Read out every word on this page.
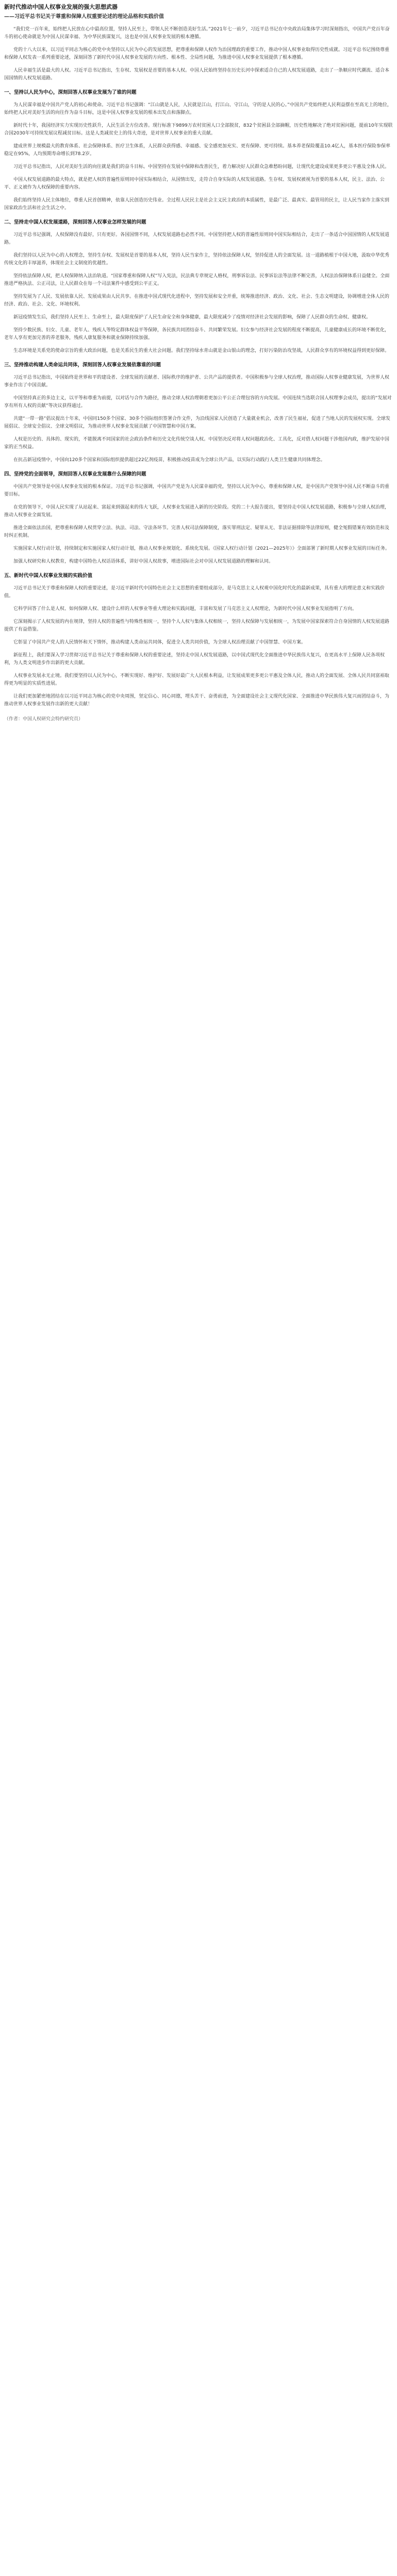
新时代推动中国人权事业发展的强大思想武器
——习近平总书记关于尊重和保障人权重要论述的理论品格和实践价值
“我们党一百年来，始终把人民放在心中最高位置，坚持人民至上，带领人民不断创造美好生活。”2021年七一前夕，习近平总书记在中央政治局集体学习时深刻指出，中国共产党百年奋斗的初心使命就是为中国人民谋幸福、为中华民族谋复兴，这也是中国人权事业发展的根本遵循。
党的十八大以来，以习近平同志为核心的党中央坚持以人民为中心的发展思想，把尊重和保障人权作为治国理政的重要工作，推动中国人权事业取得历史性成就。习近平总书记围绕尊重和保障人权发表一系列重要论述，深刻回答了新时代中国人权事业发展的方向性、根本性、全局性问题，为推进中国人权事业发展提供了根本遵循。
人民幸福生活是最大的人权。习近平总书记指出，生存权、发展权是首要的基本人权。中国人民始终坚持在历史长河中探索适合自己的人权发展道路，走出了一条顺应时代潮流、适合本国国情的人权发展道路。
一、坚持以人民为中心，深刻回答人权事业发展为了谁的问题
为人民谋幸福是中国共产党人的初心和使命。习近平总书记强调：“江山就是人民，人民就是江山，打江山、守江山，守的是人民的心。”中国共产党始终把人民利益摆在至高无上的地位，始终把人民对美好生活的向往作为奋斗目标，这是中国人权事业发展的根本出发点和落脚点。
新时代十年，我国经济实力实现历史性跃升，人民生活全方位改善。现行标准下9899万农村贫困人口全部脱贫，832个贫困县全部摘帽，历史性地解决了绝对贫困问题，提前10年实现联合国2030年可持续发展议程减贫目标。这是人类减贫史上的伟大奇迹，是对世界人权事业的重大贡献。
建成世界上规模最大的教育体系、社会保障体系、医疗卫生体系，人民群众获得感、幸福感、安全感更加充实、更有保障、更可持续。基本养老保险覆盖10.4亿人，基本医疗保险参保率稳定在95%，人均预期寿命增长到78.2岁。
习近平总书记指出，人民对美好生活的向往就是我们的奋斗目标。中国坚持在发展中保障和改善民生，着力解决好人民群众急难愁盼问题，让现代化建设成果更多更公平惠及全体人民。
中国人权发展道路的最大特点，就是把人权的普遍性原则同中国实际相结合，从国情出发，走符合自身实际的人权发展道路。生存权、发展权被视为首要的基本人权，民主、法治、公平、正义被作为人权保障的重要内容。
我们始终坚持人民主体地位，尊重人民首创精神，依靠人民创造历史伟业。全过程人民民主是社会主义民主政治的本质属性，是最广泛、最真实、最管用的民主，让人民当家作主落实到国家政治生活和社会生活之中。
二、坚持走中国人权发展道路，深刻回答人权事业怎样发展的问题
习近平总书记强调，人权保障没有最好，只有更好。各国国情不同，人权发展道路也必然不同。中国坚持把人权的普遍性原则同中国实际相结合，走出了一条适合中国国情的人权发展道路。
我们坚持以人民为中心的人权理念，坚持生存权、发展权是首要的基本人权，坚持人民当家作主，坚持依法保障人权，坚持促进人的全面发展。这一道路植根于中国大地，汲取中华优秀传统文化的丰厚滋养，体现社会主义制度的优越性。
坚持依法保障人权，把人权保障纳入法治轨道。“国家尊重和保障人权”写入宪法，民法典专章规定人格权，刑事诉讼法、民事诉讼法等法律不断完善，人权法治保障体系日益健全。全面推进严格执法、公正司法，让人民群众在每一个司法案件中感受到公平正义。
坚持发展为了人民、发展依靠人民、发展成果由人民共享。在推进中国式现代化进程中，坚持发展和安全并重，统筹推进经济、政治、文化、社会、生态文明建设，协调增进全体人民的经济、政治、社会、文化、环境权利。
新冠疫情发生后，我们坚持人民至上、生命至上，最大限度保护了人民生命安全和身体健康，最大限度减少了疫情对经济社会发展的影响，保障了人民群众的生命权、健康权。
坚持少数民族、妇女、儿童、老年人、残疾人等特定群体权益平等保障，各民族共同团结奋斗、共同繁荣发展。妇女参与经济社会发展的程度不断提高，儿童健康成长的环境不断优化，老年人享有更加完善的养老服务，残疾人康复服务和就业保障持续加强。
生态环境是关系党的使命宗旨的重大政治问题，也是关系民生的重大社会问题。我们坚持绿水青山就是金山银山的理念，打好污染防治攻坚战，人民群众享有的环境权益得到更好保障。
三、坚持推动构建人类命运共同体，深刻回答人权事业发展依靠谁的问题
习近平总书记指出，中国始终是世界和平的建设者、全球发展的贡献者、国际秩序的维护者、公共产品的提供者。中国积极参与全球人权治理，推动国际人权事业健康发展，为世界人权事业作出了中国贡献。
中国坚持真正的多边主义，以平等和尊重为前提，以对话与合作为路径，推动全球人权治理朝着更加公平公正合理包容的方向发展。中国连续当选联合国人权理事会成员，提出的“发展对享有所有人权的贡献”等决议获得通过。
共建“一带一路”倡议提出十年来，中国同150多个国家、30多个国际组织签署合作文件，为沿线国家人民创造了大量就业机会，改善了民生福祉，促进了当地人民的发展权实现。全球发展倡议、全球安全倡议、全球文明倡议，为推动世界人权事业发展贡献了中国智慧和中国方案。
人权是历史的、具体的、现实的，不能脱离不同国家的社会政治条件和历史文化传统空谈人权。中国坚决反对将人权问题政治化、工具化，反对借人权问题干涉他国内政，维护发展中国家的正当权益。
在抗击新冠疫情中，中国向120多个国家和国际组织提供超过22亿剂疫苗，积极推动疫苗成为全球公共产品，以实际行动践行人类卫生健康共同体理念。
四、坚持党的全面领导，深刻回答人权事业发展靠什么保障的问题
中国共产党领导是中国人权事业发展的根本保证。习近平总书记强调，中国共产党是为人民谋幸福的党，坚持以人民为中心，尊重和保障人权，是中国共产党领导中国人民不断奋斗的重要目标。
在党的领导下，中国人民实现了从站起来、富起来到强起来的伟大飞跃，人权事业发展进入新的历史阶段。党的二十大报告提出，要坚持走中国人权发展道路，积极参与全球人权治理，推动人权事业全面发展。
推进全面依法治国，把尊重和保障人权贯穿立法、执法、司法、守法各环节。完善人权司法保障制度，落实罪刑法定、疑罪从无、非法证据排除等法律原则，健全冤假错案有效防范和及时纠正机制。
实施国家人权行动计划，持续制定和实施国家人权行动计划，推动人权事业规划化、系统化发展。《国家人权行动计划（2021—2025年）》全面部署了新时期人权事业发展的目标任务。
加强人权研究和人权教育，构建中国特色人权话语体系，讲好中国人权故事，增进国际社会对中国人权发展道路的理解和认同。
五、新时代中国人权事业发展的实践价值
习近平总书记关于尊重和保障人权的重要论述，是习近平新时代中国特色社会主义思想的重要组成部分，是马克思主义人权观中国化时代化的最新成果，具有重大的理论意义和实践价值。
它科学回答了什么是人权、如何保障人权、建设什么样的人权事业等重大理论和实践问题，丰富和发展了马克思主义人权理论，为新时代中国人权事业发展指明了方向。
它深刻揭示了人权发展的内在规律，坚持人权的普遍性与特殊性相统一，坚持个人人权与集体人权相统一，坚持人权保障与发展相统一，为发展中国家探索符合自身国情的人权发展道路提供了有益借鉴。
它彰显了中国共产党人的人民情怀和天下情怀，推动构建人类命运共同体，促进全人类共同价值，为全球人权治理贡献了中国智慧、中国方案。
新征程上，我们要深入学习贯彻习近平总书记关于尊重和保障人权的重要论述，坚持走中国人权发展道路，以中国式现代化全面推进中华民族伟大复兴，在更高水平上保障人民各项权利，为人类文明进步作出新的更大贡献。
人权事业发展永无止境。我们要坚持以人民为中心，不断实现好、维护好、发展好最广大人民根本利益，让发展成果更多更公平惠及全体人民，推动人的全面发展、全体人民共同富裕取得更为明显的实质性进展。
让我们更加紧密地团结在以习近平同志为核心的党中央周围，坚定信心、同心同德，埋头苦干、奋勇前进，为全面建设社会主义现代化国家、全面推进中华民族伟大复兴而团结奋斗，为推动世界人权事业发展作出新的更大贡献！
（作者：中国人权研究会特约研究员）
